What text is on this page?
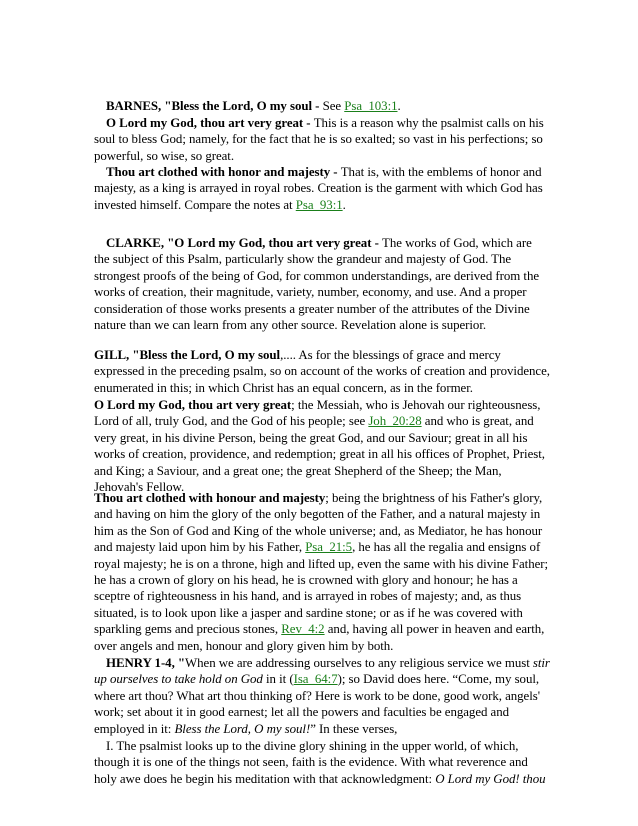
BARNES, "Bless the Lord, O my soul - See Psa_103:1.

O Lord my God, thou art very great - This is a reason why the psalmist calls on his soul to bless God; namely, for the fact that he is so exalted; so vast in his perfections; so powerful, so wise, so great.

Thou art clothed with honor and majesty - That is, with the emblems of honor and majesty, as a king is arrayed in royal robes. Creation is the garment with which God has invested himself. Compare the notes at Psa_93:1.

CLARKE, "O Lord my God, thou art very great - The works of God, which are the subject of this Psalm, particularly show the grandeur and majesty of God. The strongest proofs of the being of God, for common understandings, are derived from the works of creation, their magnitude, variety, number, economy, and use. And a proper consideration of those works presents a greater number of the attributes of the Divine nature than we can learn from any other source. Revelation alone is superior.

GILL, "Bless the Lord, O my soul,.... As for the blessings of grace and mercy expressed in the preceding psalm, so on account of the works of creation and providence, enumerated in this; in which Christ has an equal concern, as in the former.

O Lord my God, thou art very great; the Messiah, who is Jehovah our righteousness, Lord of all, truly God, and the God of his people; see Joh_20:28 and who is great, and very great, in his divine Person, being the great God, and our Saviour; great in all his works of creation, providence, and redemption; great in all his offices of Prophet, Priest, and King; a Saviour, and a great one; the great Shepherd of the Sheep; the Man, Jehovah's Fellow.

Thou art clothed with honour and majesty; being the brightness of his Father's glory, and having on him the glory of the only begotten of the Father, and a natural majesty in him as the Son of God and King of the whole universe; and, as Mediator, he has honour and majesty laid upon him by his Father, Psa_21:5, he has all the regalia and ensigns of royal majesty; he is on a throne, high and lifted up, even the same with his divine Father; he has a crown of glory on his head, he is crowned with glory and honour; he has a sceptre of righteousness in his hand, and is arrayed in robes of majesty; and, as thus situated, is to look upon like a jasper and sardine stone; or as if he was covered with sparkling gems and precious stones, Rev_4:2 and, having all power in heaven and earth, over angels and men, honour and glory given him by both.

HENRY 1-4, "When we are addressing ourselves to any religious service we must stir up ourselves to take hold on God in it (Isa_64:7); so David does here. “Come, my soul, where art thou? What art thou thinking of? Here is work to be done, good work, angels' work; set about it in good earnest; let all the powers and faculties be engaged and employed in it: Bless the Lord, O my soul!” In these verses,

I. The psalmist looks up to the divine glory shining in the upper world, of which, though it is one of the things not seen, faith is the evidence. With what reverence and holy awe does he begin his meditation with that acknowledgment: O Lord my God! thou
